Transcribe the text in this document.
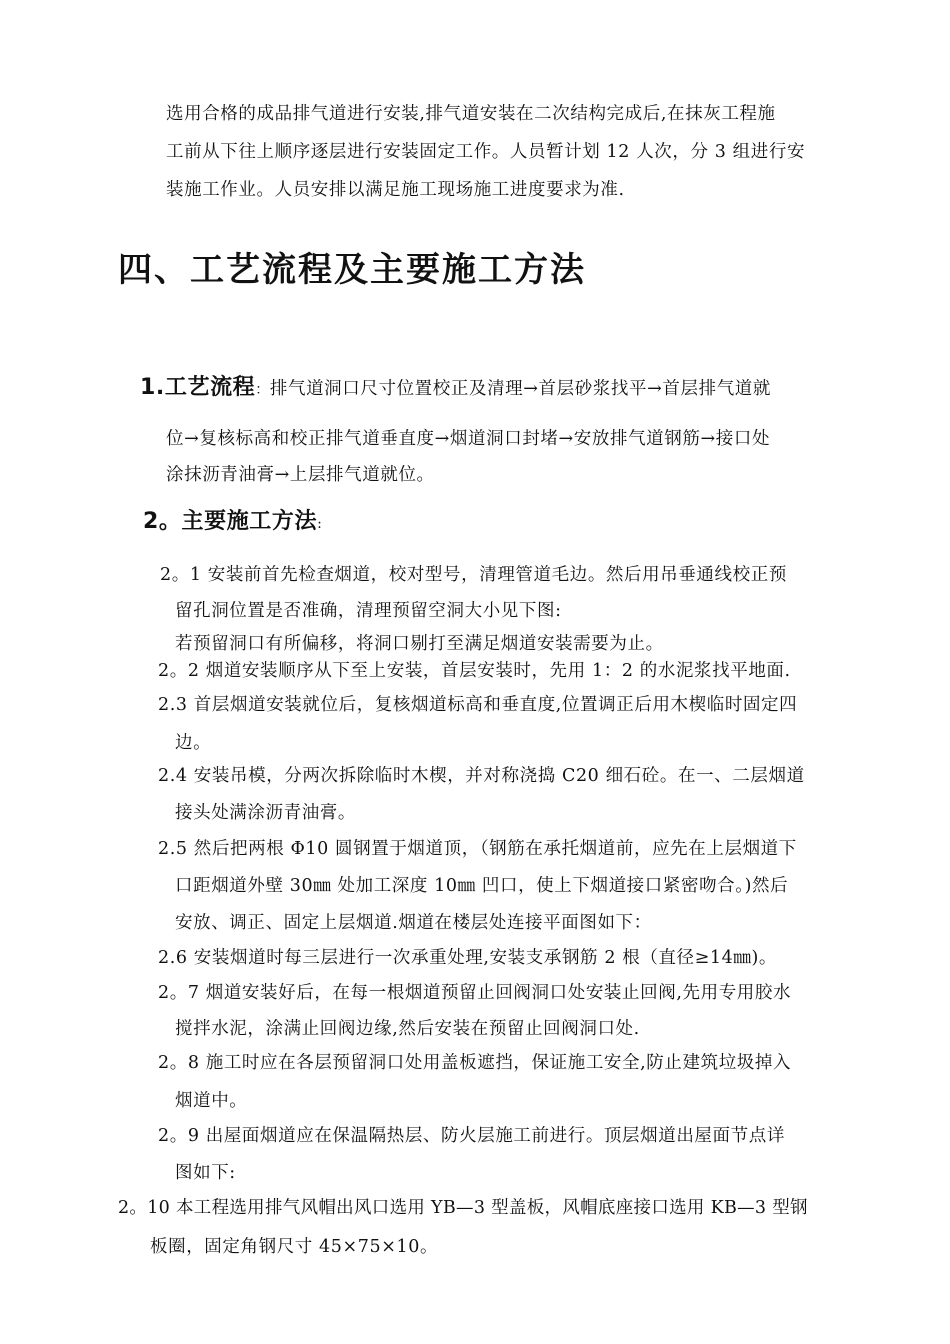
选用合格的成品排气道进行安装,排气道安装在二次结构完成后,在抹灰工程施
工前从下往上顺序逐层进行安装固定工作。人员暂计划 12 人次，分 3 组进行安
装施工作业。人员安排以满足施工现场施工进度要求为准.
四、工艺流程及主要施工方法
1.工艺流程：排气道洞口尺寸位置校正及清理→首层砂浆找平→首层排气道就
位→复核标高和校正排气道垂直度→烟道洞口封堵→安放排气道钢筋→接口处
涂抹沥青油膏→上层排气道就位。
2。主要施工方法:
2。1 安装前首先检查烟道，校对型号，清理管道毛边。然后用吊垂通线校正预
留孔洞位置是否准确，清理预留空洞大小见下图:
若预留洞口有所偏移，将洞口剔打至满足烟道安装需要为止。
2。2 烟道安装顺序从下至上安装，首层安装时，先用 1：2 的水泥浆找平地面.
2.3 首层烟道安装就位后，复核烟道标高和垂直度,位置调正后用木楔临时固定四
边。
2.4 安装吊模，分两次拆除临时木楔，并对称浇捣 C20 细石砼。在一、二层烟道
接头处满涂沥青油膏。
2.5 然后把两根 Φ10 圆钢置于烟道顶，（钢筋在承托烟道前，应先在上层烟道下
口距烟道外壁 30㎜ 处加工深度 10㎜ 凹口，使上下烟道接口紧密吻合。)然后
安放、调正、固定上层烟道.烟道在楼层处连接平面图如下：
2.6 安装烟道时每三层进行一次承重处理,安装支承钢筋 2 根（直径≥14㎜)。
2。7 烟道安装好后，在每一根烟道预留止回阀洞口处安装止回阀,先用专用胶水
搅拌水泥，涂满止回阀边缘,然后安装在预留止回阀洞口处.
2。8 施工时应在各层预留洞口处用盖板遮挡，保证施工安全,防止建筑垃圾掉入
烟道中。
2。9 出屋面烟道应在保温隔热层、防火层施工前进行。顶层烟道出屋面节点详
图如下:
2。10 本工程选用排气风帽出风口选用 YB—3 型盖板，风帽底座接口选用 KB—3 型钢
板圈，固定角钢尺寸 45×75×10。
